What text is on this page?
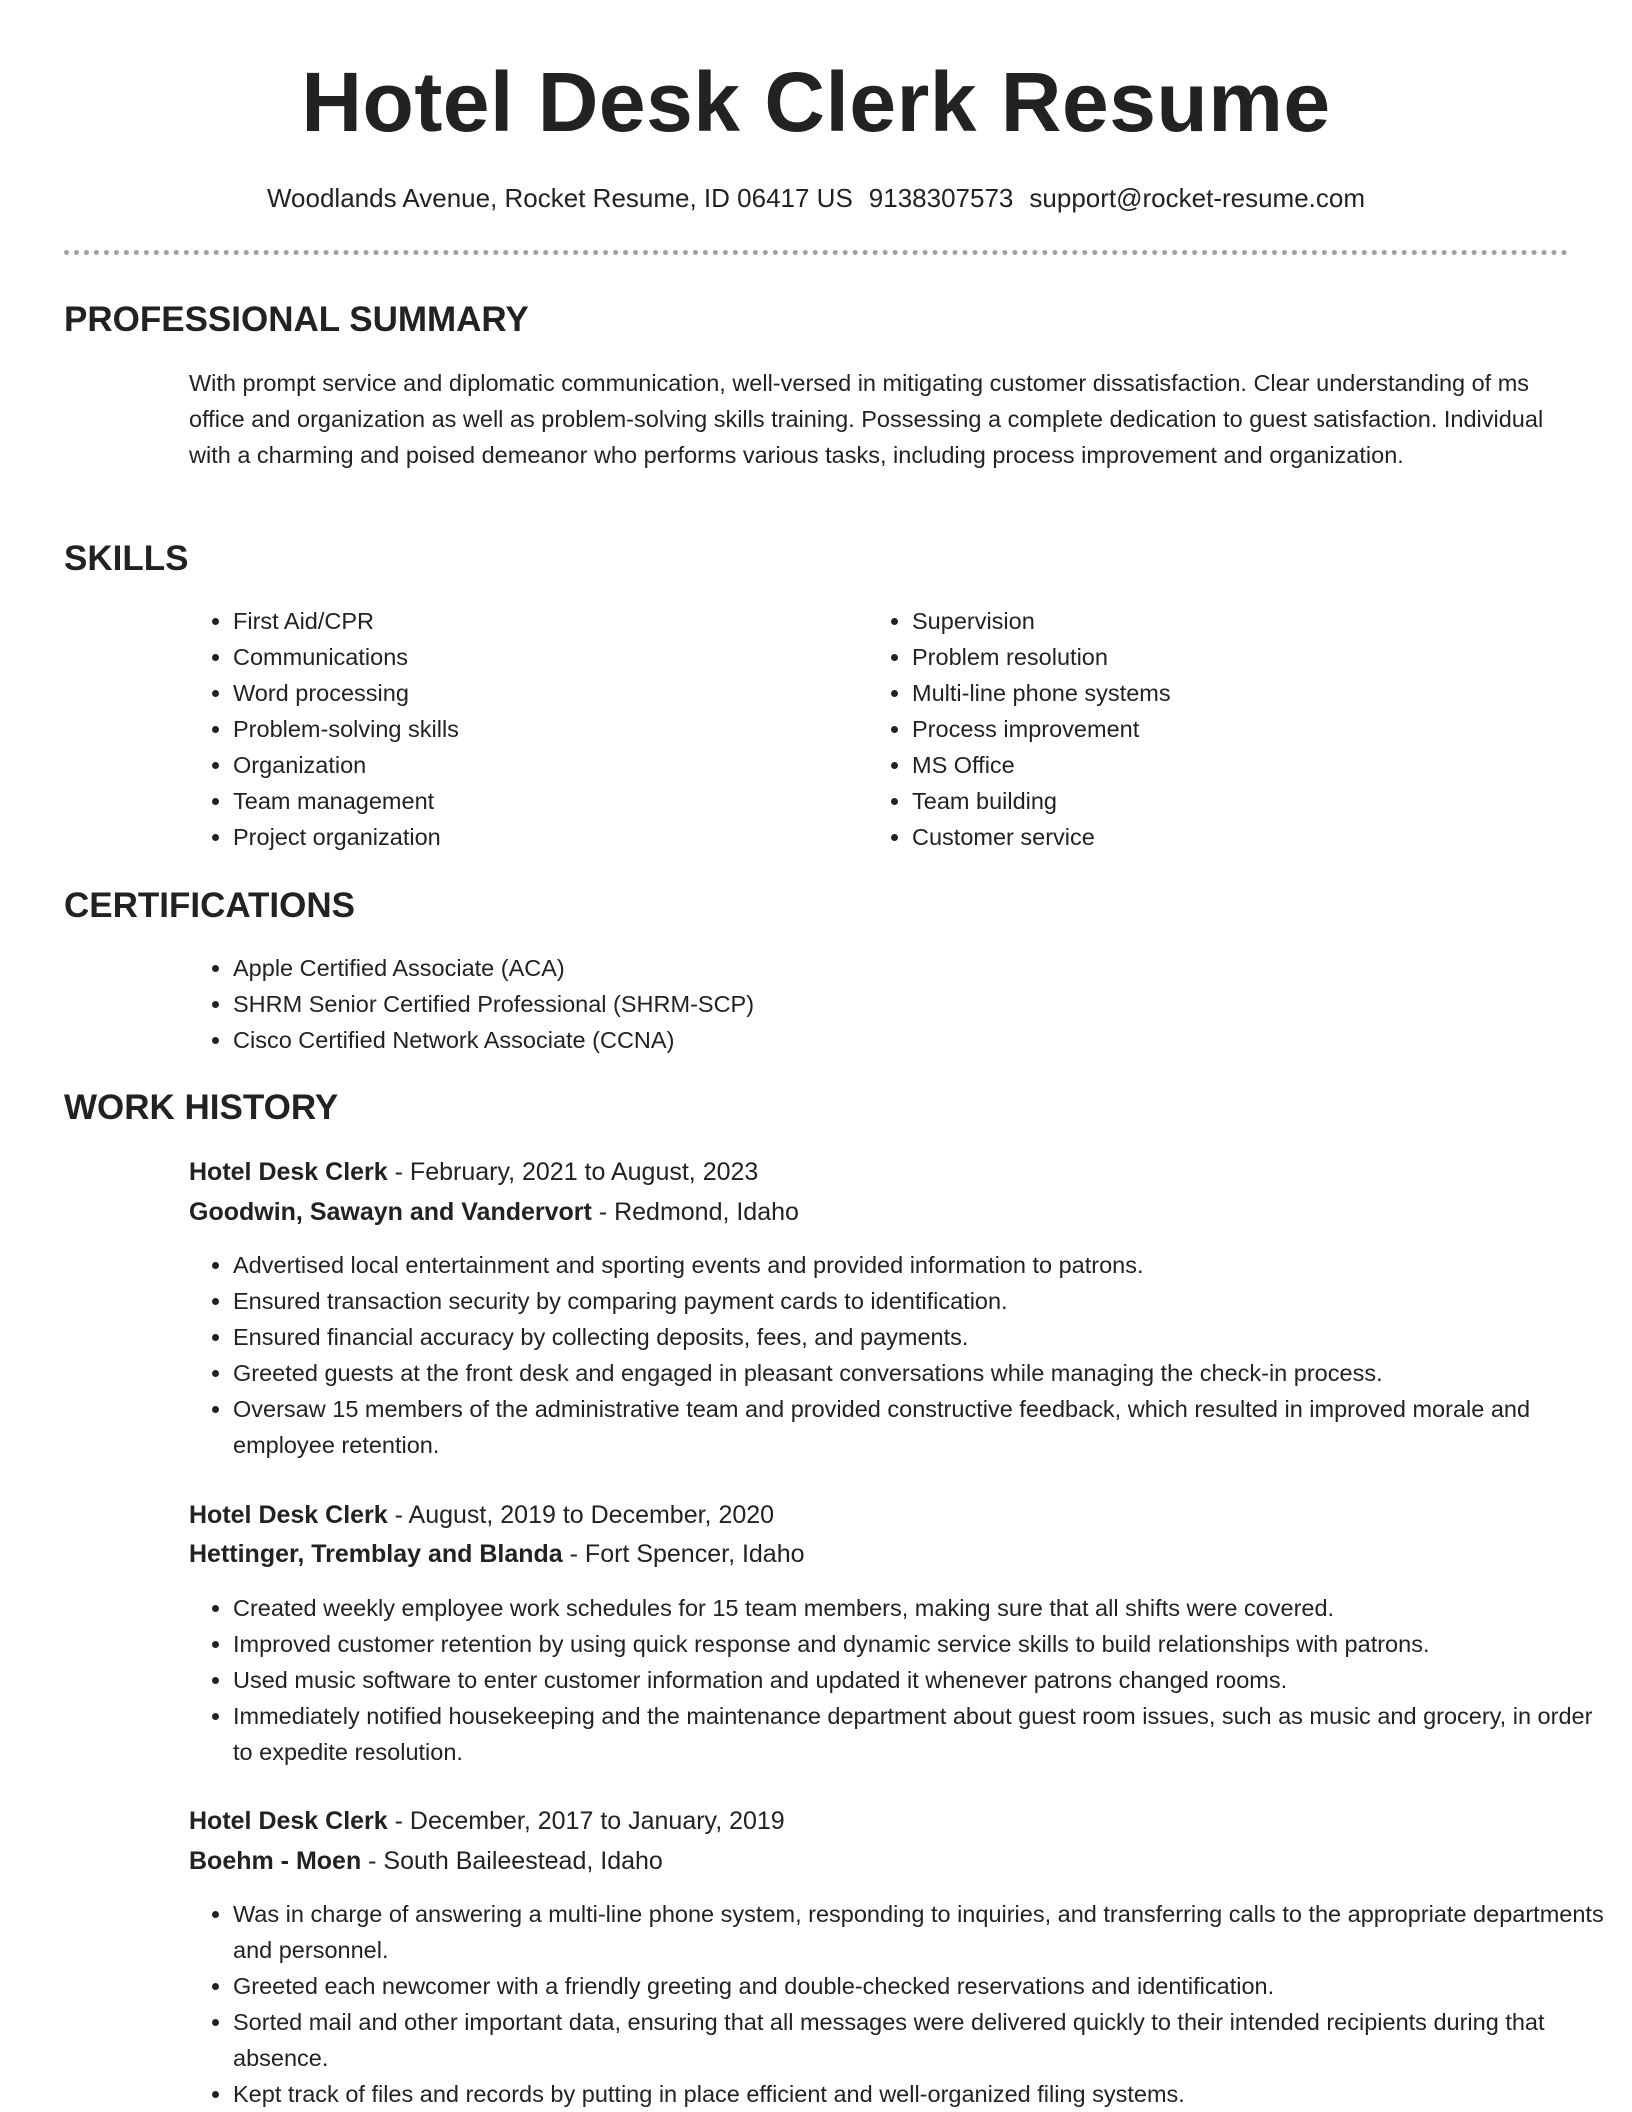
Hotel Desk Clerk Resume
Woodlands Avenue, Rocket Resume, ID 06417 US 9138307573 support@rocket-resume.com
PROFESSIONAL SUMMARY

With prompt service and diplomatic communication, well-versed in mitigating customer dissatisfaction. Clear understanding of ms office and organization as well as problem-solving skills training. Possessing a complete dedication to guest satisfaction. Individual with a charming and poised demeanor who performs various tasks, including process improvement and organization.

SKILLS
• First Aid/CPR
• Communications
• Word processing
• Problem-solving skills
• Organization
• Team management
• Project organization
• Supervision
• Problem resolution
• Multi-line phone systems
• Process improvement
• MS Office
• Team building
• Customer service
CERTIFICATIONS
• Apple Certified Associate (ACA)
• SHRM Senior Certified Professional (SHRM-SCP)
• Cisco Certified Network Associate (CCNA)
WORK HISTORY
Hotel Desk Clerk - February, 2021 to August, 2023
Goodwin, Sawayn and Vandervort - Redmond, Idaho
• Advertised local entertainment and sporting events and provided information to patrons.
• Ensured transaction security by comparing payment cards to identification.
• Ensured financial accuracy by collecting deposits, fees, and payments.
• Greeted guests at the front desk and engaged in pleasant conversations while managing the check-in process.
• Oversaw 15 members of the administrative team and provided constructive feedback, which resulted in improved morale and employee retention.
Hotel Desk Clerk - August, 2019 to December, 2020
Hettinger, Tremblay and Blanda - Fort Spencer, Idaho
• Created weekly employee work schedules for 15 team members, making sure that all shifts were covered.
• Improved customer retention by using quick response and dynamic service skills to build relationships with patrons.
• Used music software to enter customer information and updated it whenever patrons changed rooms.
• Immediately notified housekeeping and the maintenance department about guest room issues, such as music and grocery, in order to expedite resolution.
Hotel Desk Clerk - December, 2017 to January, 2019
Boehm - Moen - South Baileestead, Idaho
• Was in charge of answering a multi-line phone system, responding to inquiries, and transferring calls to the appropriate departments and personnel.
• Greeted each newcomer with a friendly greeting and double-checked reservations and identification.
• Sorted mail and other important data, ensuring that all messages were delivered quickly to their intended recipients during that absence.
• Kept track of files and records by putting in place efficient and well-organized filing systems.
